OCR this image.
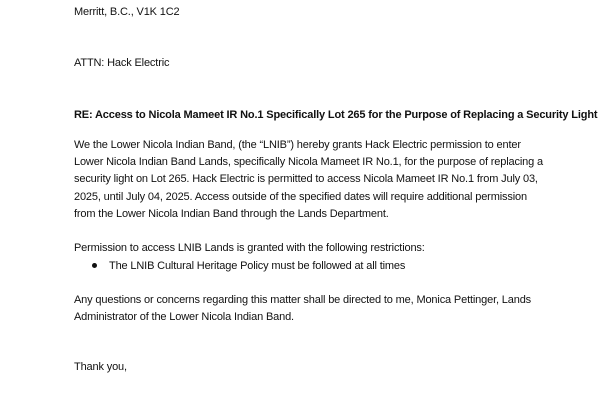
Merritt, B.C., V1K 1C2
ATTN: Hack Electric
RE: Access to Nicola Mameet IR No.1 Specifically Lot 265 for the Purpose of Replacing a Security Light
We the Lower Nicola Indian Band, (the “LNIB”) hereby grants Hack Electric permission to enter Lower Nicola Indian Band Lands, specifically Nicola Mameet IR No.1, for the purpose of replacing a security light on Lot 265. Hack Electric is permitted to access Nicola Mameet IR No.1 from July 03, 2025, until July 04, 2025. Access outside of the specified dates will require additional permission from the Lower Nicola Indian Band through the Lands Department.
Permission to access LNIB Lands is granted with the following restrictions:
The LNIB Cultural Heritage Policy must be followed at all times
Any questions or concerns regarding this matter shall be directed to me, Monica Pettinger, Lands Administrator of the Lower Nicola Indian Band.
Thank you,
